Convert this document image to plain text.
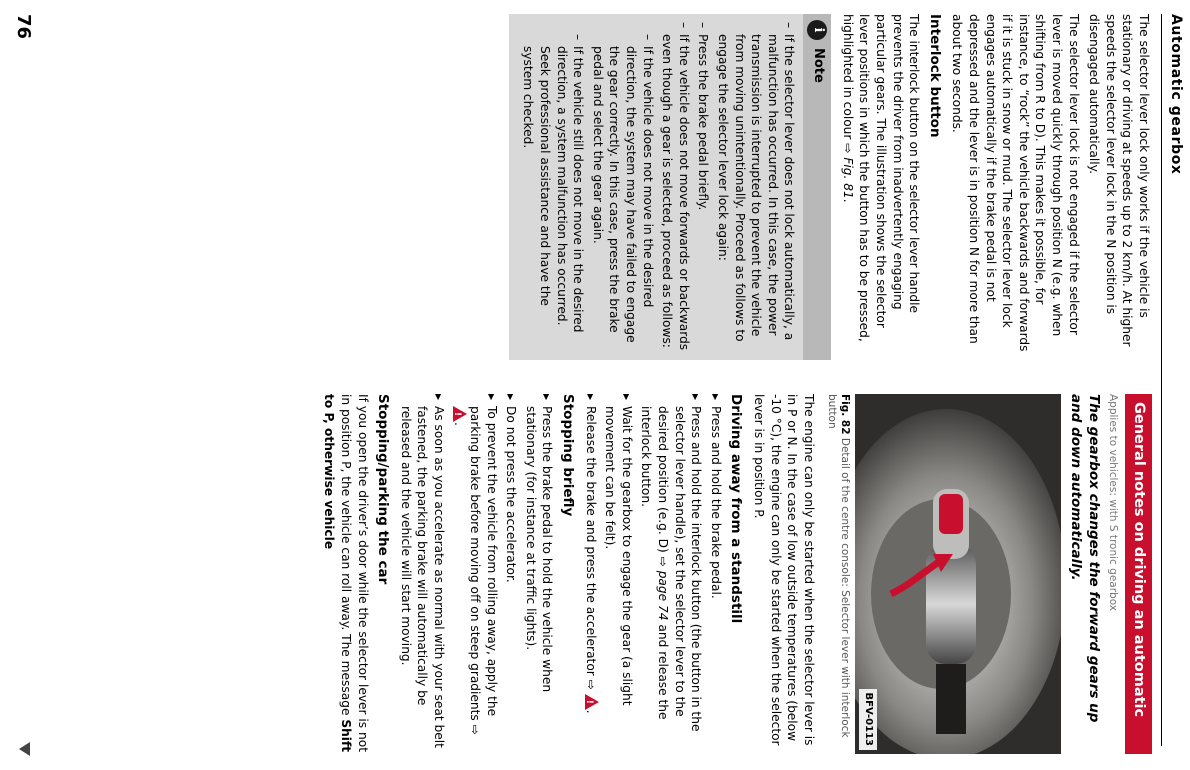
Automatic gearbox

The selector lever lock only works if the vehicle is stationary or driving at speeds up to 2 km/h. At higher speeds the selector lever lock in the N position is disengaged automatically.

The selector lever lock is not engaged if the selector lever is moved quickly through position N (e.g. when shifting from R to D). This makes it possible, for instance, to “rock” the vehicle backwards and forwards if it is stuck in snow or mud. The selector lever lock engages automatically if the brake pedal is not depressed and the lever is in position N for more than about two seconds.

Interlock button

The interlock button on the selector lever handle prevents the driver from inadvertently engaging particular gears. The illustration shows the selector lever positions in which the button has to be pressed, highlighted in colour ⇨ Fig. 81.

i
Note
– If the selector lever does not lock automatically, a malfunction has occurred. In this case, the power transmission is interrupted to prevent the vehicle from moving unintentionally. Proceed as follows to engage the selector lever lock again:
– Press the brake pedal briefly.
– If the vehicle does not move forwards or backwards even though a gear is selected, proceed as follows:
– If the vehicle does not move in the desired direction, the system may have failed to engage the gear correctly. In this case, press the brake pedal and select the gear again.
– If the vehicle still does not move in the desired direction, a system malfunction has occurred. Seek professional assistance and have the system checked.
General notes on driving an automatic
Applies to vehicles: with S tronic gearbox
The gearbox changes the forward gears up and down automatically.
BFV-0113
Fig. 82 Detail of the centre console: Selector lever with interlock button

The engine can only be started when the selector lever is in P or N. In the case of low outside temperatures (below -10 °C), the engine can only be started when the selector lever is in position P.

Driving away from a standstill
▶ Press and hold the brake pedal.
▶ Press and hold the interlock button (the button in the selector lever handle), set the selector lever to the desired position (e.g. D) ⇨ page 74 and release the interlock button.
▶ Wait for the gearbox to engage the gear (a slight movement can be felt).
▶ Release the brake and press the accelerator ⇨ !.
Stopping briefly
▶ Press the brake pedal to hold the vehicle when stationary (for instance at traffic lights).
▶ Do not press the accelerator.
▶ To prevent the vehicle from rolling away, apply the parking brake before moving off on steep gradients ⇨ !.
▶ As soon as you accelerate as normal with your seat belt fastened, the parking brake will automatically be released and the vehicle will start moving.
Stopping/parking the car

If you open the driver’s door while the selector lever is not in position P, the vehicle can roll away. The message Shift to P, otherwise vehicle

76
